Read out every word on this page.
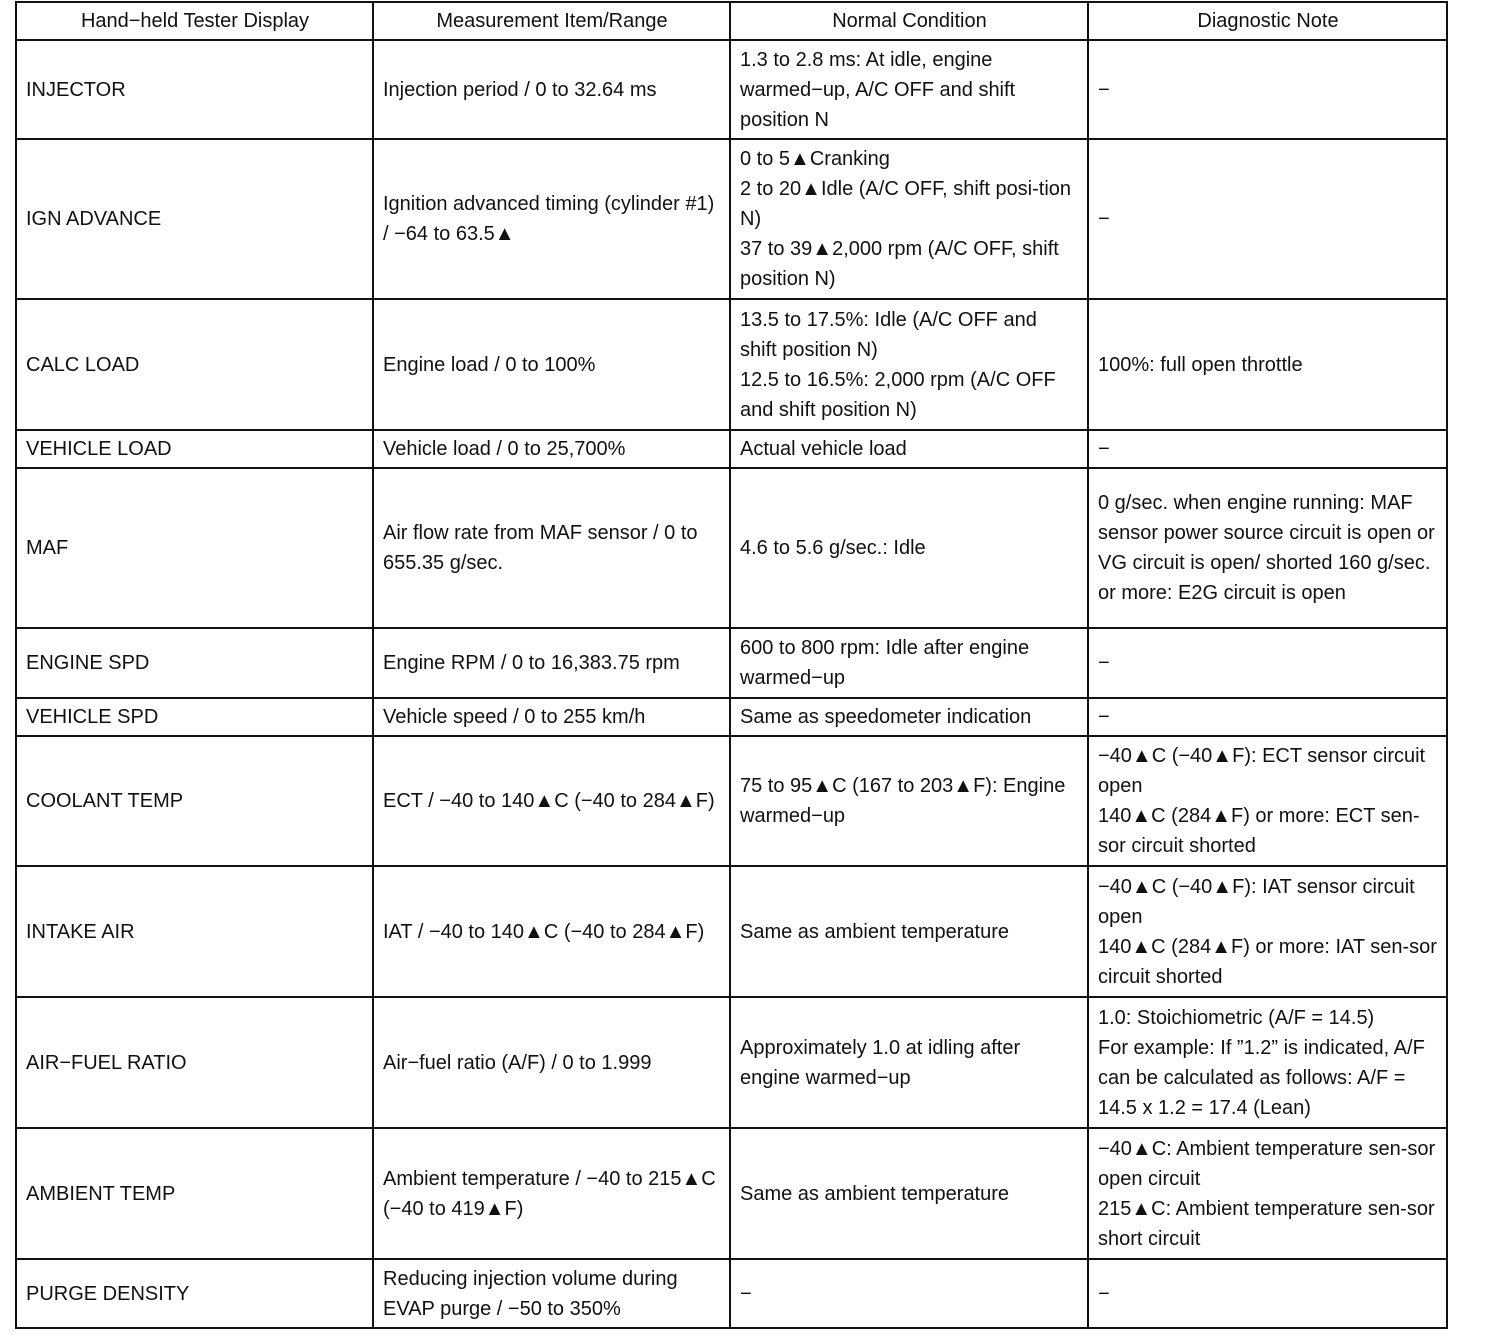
Hand−held Tester Display	Measurement Item/Range	Normal Condition	Diagnostic Note
INJECTOR	Injection period / 0 to 32.64 ms	1.3 to 2.8 ms: At idle, engine warmed−up, A/C OFF and shift position N	−

IGN ADVANCE	Ignition advanced timing (cylinder #1) / −64 to 63.5▲	0 to 5▲Cranking
2 to 20▲Idle (A/C OFF, shift posi-tion N)
37 to 39▲2,000 rpm (A/C OFF, shift position N)	−

CALC LOAD	Engine load / 0 to 100%	13.5 to 17.5%: Idle (A/C OFF and shift position N)
12.5 to 16.5%: 2,000 rpm (A/C OFF and shift position N)	100%: full open throttle

VEHICLE LOAD	Vehicle load / 0 to 25,700%	Actual vehicle load	−

MAF	Air flow rate from MAF sensor / 0 to 655.35 g/sec.	4.6 to 5.6 g/sec.: Idle	0 g/sec. when engine running: MAF sensor power source circuit is open or VG circuit is open/ shorted 160 g/sec. or more: E2G circuit is open

ENGINE SPD	Engine RPM / 0 to 16,383.75 rpm	600 to 800 rpm: Idle after engine warmed−up	−

VEHICLE SPD	Vehicle speed / 0 to 255 km/h	Same as speedometer indication	−

COOLANT TEMP	ECT / −40 to 140▲C (−40 to 284▲F)	75 to 95▲C (167 to 203▲F): Engine warmed−up	−40▲C (−40▲F): ECT sensor circuit open
140▲C (284▲F) or more: ECT sen-sor circuit shorted

INTAKE AIR	IAT / −40 to 140▲C (−40 to 284▲F)	Same as ambient temperature	−40▲C (−40▲F): IAT sensor circuit open
140▲C (284▲F) or more: IAT sen-sor circuit shorted

AIR−FUEL RATIO	Air−fuel ratio (A/F) / 0 to 1.999	Approximately 1.0 at idling after engine warmed−up	1.0: Stoichiometric (A/F = 14.5)
For example: If ”1.2” is indicated, A/F can be calculated as follows: A/F = 14.5 x 1.2 = 17.4 (Lean)

AMBIENT TEMP	Ambient temperature / −40 to 215▲C (−40 to 419▲F)	Same as ambient temperature	−40▲C: Ambient temperature sen-sor open circuit
215▲C: Ambient temperature sen-sor short circuit

PURGE DENSITY	Reducing injection volume during EVAP purge / −50 to 350%	−	−
